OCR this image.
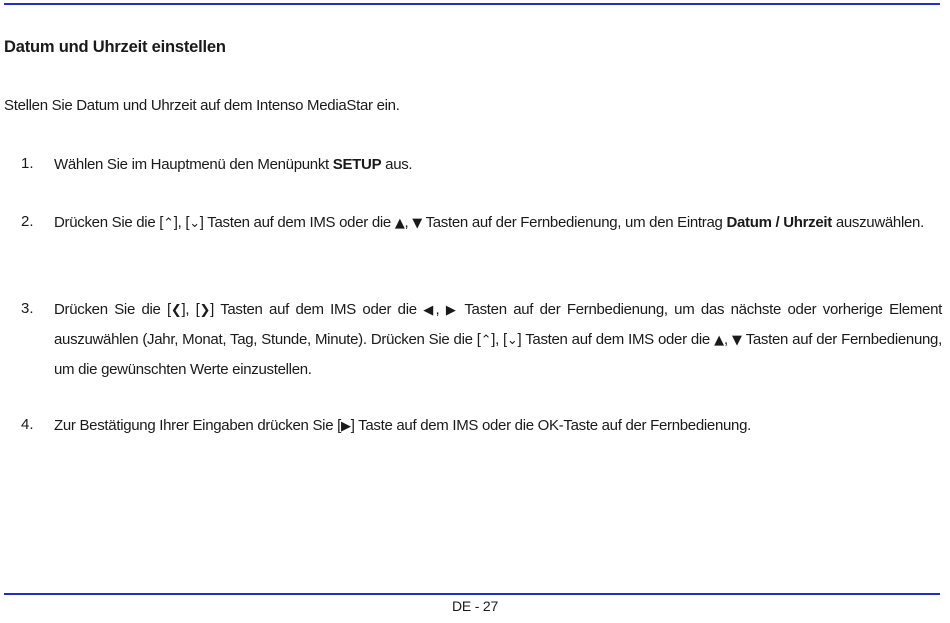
Datum und Uhrzeit einstellen
Stellen Sie Datum und Uhrzeit auf dem Intenso MediaStar ein.
1. Wählen Sie im Hauptmenü den Menüpunkt SETUP aus.
2. Drücken Sie die [⌃], [⌄] Tasten auf dem IMS oder die ▲, ▼ Tasten auf der Fernbedienung, um den Eintrag Datum / Uhrzeit auszuwählen.
3. Drücken Sie die [❮], [❯] Tasten auf dem IMS oder die ◀, ▶ Tasten auf der Fernbedienung, um das nächste oder vorherige Element auszuwählen (Jahr, Monat, Tag, Stunde, Minute). Drücken Sie die [⌃], [⌄] Tasten auf dem IMS oder die ▲, ▼ Tasten auf der Fernbedienung, um die gewünschten Werte einzustellen.
4. Zur Bestätigung Ihrer Eingaben drücken Sie [▶] Taste auf dem IMS oder die OK-Taste auf der Fernbedienung.
DE - 27
